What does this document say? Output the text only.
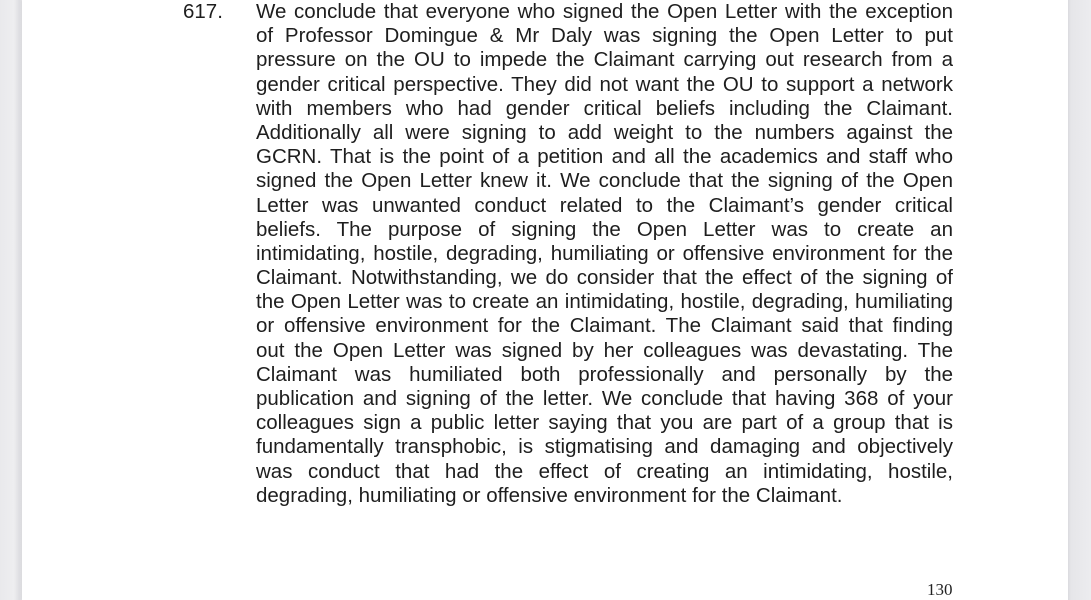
617. We conclude that everyone who signed the Open Letter with the exception
of Professor Domingue & Mr Daly was signing the Open Letter to put
pressure on the OU to impede the Claimant carrying out research from a
gender critical perspective. They did not want the OU to support a network
with members who had gender critical beliefs including the Claimant.
Additionally all were signing to add weight to the numbers against the
GCRN. That is the point of a petition and all the academics and staff who
signed the Open Letter knew it. We conclude that the signing of the Open
Letter was unwanted conduct related to the Claimant’s gender critical
beliefs. The purpose of signing the Open Letter was to create an
intimidating, hostile, degrading, humiliating or offensive environment for the
Claimant. Notwithstanding, we do consider that the effect of the signing of
the Open Letter was to create an intimidating, hostile, degrading, humiliating
or offensive environment for the Claimant. The Claimant said that finding
out the Open Letter was signed by her colleagues was devastating. The
Claimant was humiliated both professionally and personally by the
publication and signing of the letter. We conclude that having 368 of your
colleagues sign a public letter saying that you are part of a group that is
fundamentally transphobic, is stigmatising and damaging and objectively
was conduct that had the effect of creating an intimidating, hostile,
degrading, humiliating or offensive environment for the Claimant.
130
